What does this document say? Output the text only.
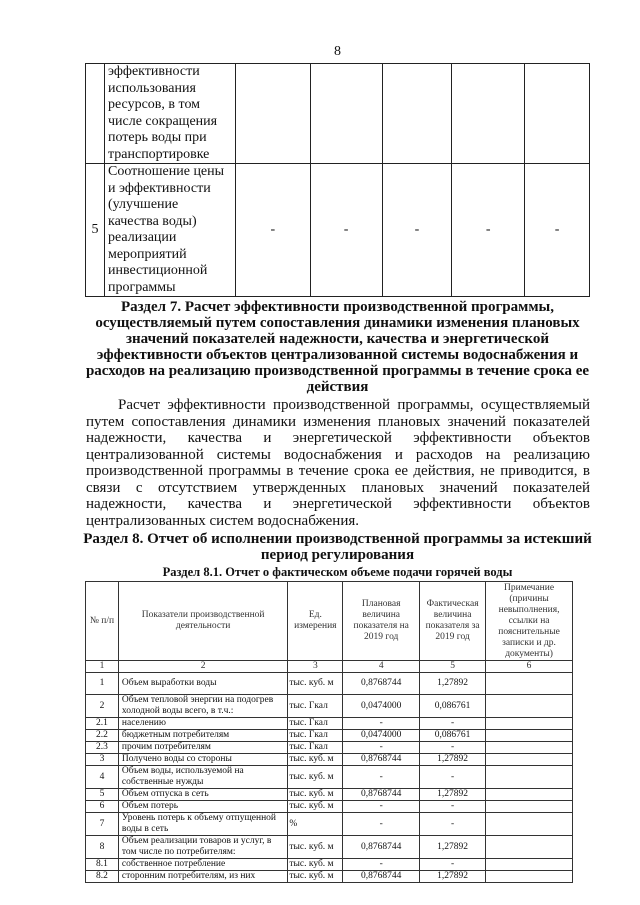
8
	эффективности использования ресурсов, в том числе сокращения потерь воды при транспортировке					
5	Соотношение цены и эффективности (улучшение качества воды) реализации мероприятий инвестиционной программы	-	-	-	-	-
Раздел 7. Расчет эффективности производственной программы, осуществляемый путем сопоставления динамики изменения плановых значений показателей надежности, качества и энергетической эффективности объектов централизованной системы водоснабжения и расходов на реализацию производственной программы в течение срока ее действия
Расчет эффективности производственной программы, осуществляемый путем сопоставления динамики изменения плановых значений показателей надежности, качества и энергетической эффективности объектов централизованной системы водоснабжения и расходов на реализацию производственной программы в течение срока ее действия, не приводится, в связи с отсутствием утвержденных плановых значений показателей надежности, качества и энергетической эффективности объектов централизованных систем водоснабжения.
Раздел 8. Отчет об исполнении производственной программы за истекший период регулирования
Раздел 8.1. Отчет о фактическом объеме подачи горячей воды
№ п/п	Показатели производственной деятельности	Ед. измерения	Плановая величина показателя на 2019 год	Фактическая величина показателя за 2019 год	Примечание (причины невыполнения, ссылки на пояснительные записки и др. документы)
1	2	3	4	5	6
1	Объем выработки воды	тыс. куб. м	0,8768744	1,27892	
2	Объем тепловой энергии на подогрев холодной воды всего, в т.ч.:	тыс. Гкал	0,0474000	0,086761	
2.1	населению	тыс. Гкал	-	-	
2.2	бюджетным потребителям	тыс. Гкал	0,0474000	0,086761	
2.3	прочим потребителям	тыс. Гкал	-	-	
3	Получено воды со стороны	тыс. куб. м	0,8768744	1,27892	
4	Объем воды, используемой на собственные нужды	тыс. куб. м	-	-	
5	Объем отпуска в сеть	тыс. куб. м	0,8768744	1,27892	
6	Объем потерь	тыс. куб. м	-	-	
7	Уровень потерь к объему отпущенной воды в сеть	%	-	-	
8	Объем реализации товаров и услуг, в том числе по потребителям:	тыс. куб. м	0,8768744	1,27892	
8.1	собственное потребление	тыс. куб. м	-	-	
8.2	сторонним потребителям, из них	тыс. куб. м	0,8768744	1,27892	
